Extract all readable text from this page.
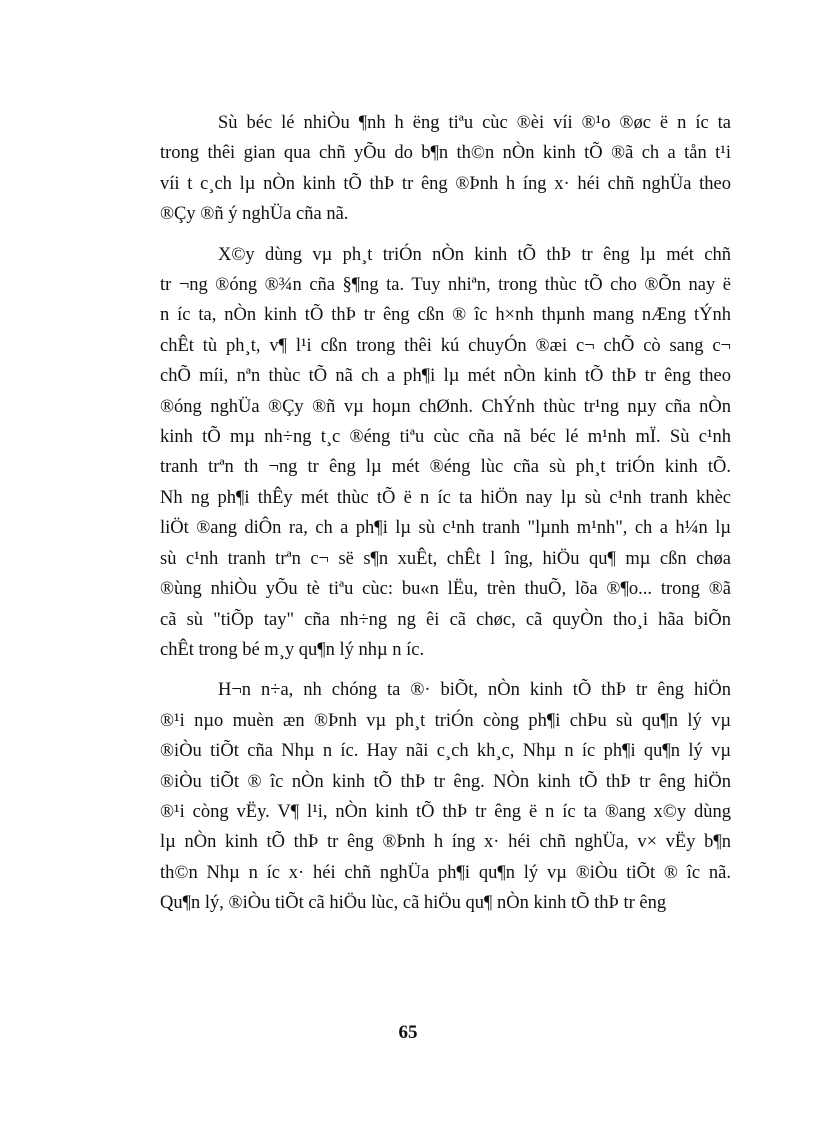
Sù béc lé nhiÒu ¶nh h ëng tiªu cùc ®èi víi ®¹o ®øc ë n íc ta
trong thêi gian qua chñ yÕu do b¶n th©n nÒn kinh tÕ ®ã ch a tån t¹i
víi t c¸ch lµ nÒn kinh tÕ thÞ tr êng ®Þnh h íng x· héi chñ nghÜa theo
®Çy ®ñ ý nghÜa cña nã.

X©y dùng vµ ph¸t triÓn nÒn kinh tÕ thÞ tr êng lµ mét chñ
tr ¬ng ®óng ®¾n cña §¶ng ta. Tuy nhiªn, trong thùc tÕ cho ®Õn nay ë
n íc ta, nÒn kinh tÕ thÞ tr êng cßn ® îc h×nh thµnh mang nÆng tÝnh
chÊt tù ph¸t, v¶ l¹i cßn trong thêi kú chuyÓn ®æi c¬ chÕ cò sang c¬
chÕ míi, nªn thùc tÕ nã ch a ph¶i lµ mét nÒn kinh tÕ thÞ tr êng theo
®óng nghÜa ®Çy ®ñ vµ hoµn chØnh. ChÝnh thùc tr¹ng nµy cña nÒn
kinh tÕ mµ nh÷ng t¸c ®éng tiªu cùc cña nã béc lé m¹nh mÏ. Sù c¹nh
tranh trªn th ¬ng tr êng lµ mét ®éng lùc cña sù ph¸t triÓn kinh tÕ.
Nh ng ph¶i thÊy mét thùc tÕ ë n íc ta hiÖn nay lµ sù c¹nh tranh khèc
liÖt ®ang diÔn ra, ch a ph¶i lµ sù c¹nh tranh "lµnh m¹nh", ch a h¼n lµ
sù c¹nh tranh trªn c¬ së s¶n xuÊt, chÊt l îng, hiÖu qu¶ mµ cßn chøa
®ùng nhiÒu yÕu tè tiªu cùc: bu«n lËu, trèn thuÕ, lõa ®¶o... trong ®ã
cã sù "tiÕp tay" cña nh÷ng ng êi cã chøc, cã quyÒn tho¸i hãa biÕn
chÊt trong bé m¸y qu¶n lý nhµ n íc.

H¬n n÷a, nh chóng ta ®· biÕt, nÒn kinh tÕ thÞ tr êng hiÖn
®¹i nµo muèn æn ®Þnh vµ ph¸t triÓn còng ph¶i chÞu sù qu¶n lý vµ
®iÒu tiÕt cña Nhµ n íc. Hay nãi c¸ch kh¸c, Nhµ n íc ph¶i qu¶n lý vµ
®iÒu tiÕt ® îc nÒn kinh tÕ thÞ tr êng. NÒn kinh tÕ thÞ tr êng hiÖn
®¹i còng vËy. V¶ l¹i, nÒn kinh tÕ thÞ tr êng ë n íc ta ®ang x©y dùng
lµ nÒn kinh tÕ thÞ tr êng ®Þnh h íng x· héi chñ nghÜa, v× vËy b¶n
th©n Nhµ n íc x· héi chñ nghÜa ph¶i qu¶n lý vµ ®iÒu tiÕt ® îc nã.
Qu¶n lý, ®iÒu tiÕt cã hiÖu lùc, cã hiÖu qu¶ nÒn kinh tÕ thÞ tr êng

65
